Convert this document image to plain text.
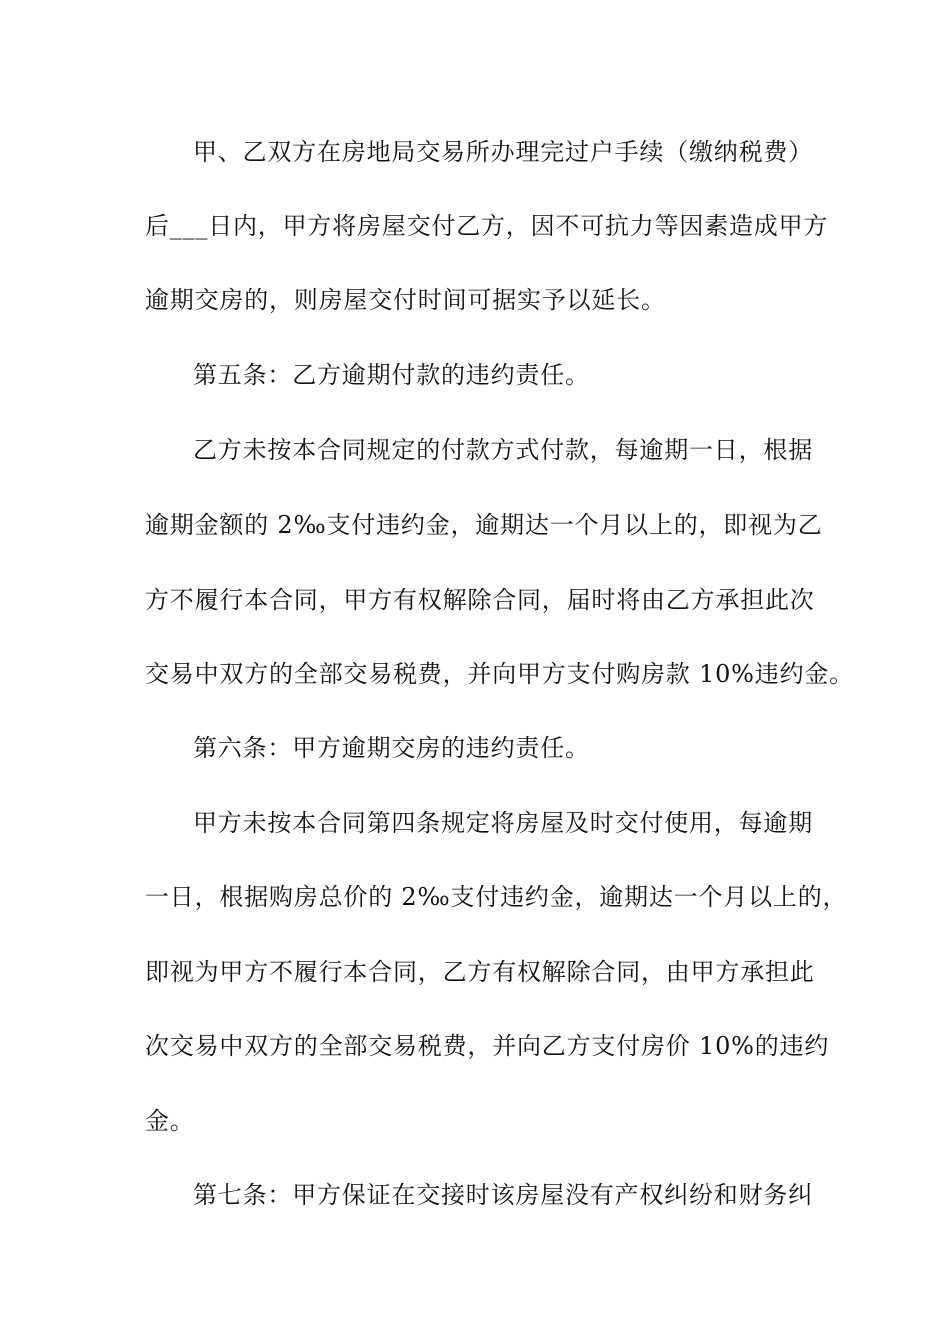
甲、乙双方在房地局交易所办理完过户手续（缴纳税费）
后___日内，甲方将房屋交付乙方，因不可抗力等因素造成甲方
逾期交房的，则房屋交付时间可据实予以延长。
第五条：乙方逾期付款的违约责任。
乙方未按本合同规定的付款方式付款，每逾期一日，根据
逾期金额的 2‰支付违约金，逾期达一个月以上的，即视为乙
方不履行本合同，甲方有权解除合同，届时将由乙方承担此次
交易中双方的全部交易税费，并向甲方支付购房款 10%违约金。
第六条：甲方逾期交房的违约责任。
甲方未按本合同第四条规定将房屋及时交付使用，每逾期
一日，根据购房总价的 2‰支付违约金，逾期达一个月以上的，
即视为甲方不履行本合同，乙方有权解除合同，由甲方承担此
次交易中双方的全部交易税费，并向乙方支付房价 10%的违约
金。
第七条：甲方保证在交接时该房屋没有产权纠纷和财务纠
